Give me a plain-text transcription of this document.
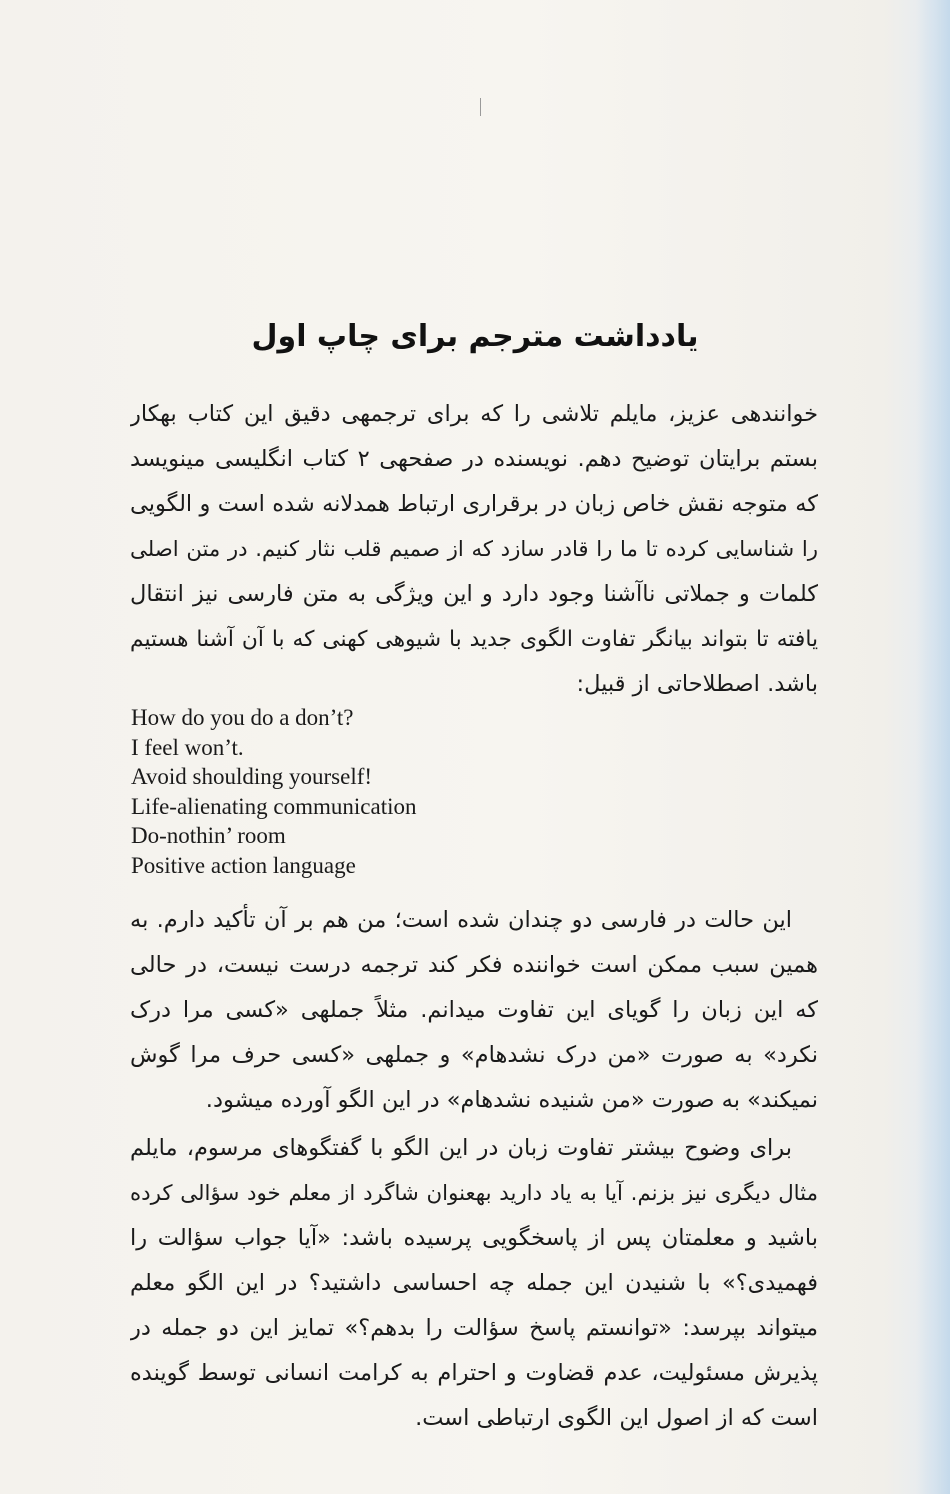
یادداشت مترجم برای چاپ اول
خوانندهی عزیز، مایلم تلاشی را که برای ترجمهی دقیق این کتاب بهکار
بستم برایتان توضیح دهم. نویسنده در صفحهی ۲ کتاب انگلیسی مینویسد
که متوجه نقش خاص زبان در برقراری ارتباط همدلانه شده است و الگویی
را شناسایی کرده تا ما را قادر سازد که از صمیم قلب نثار کنیم. در متن اصلی
کلمات و جملاتی ناآشنا وجود دارد و این ویژگی به متن فارسی نیز انتقال
یافته تا بتواند بیانگر تفاوت الگوی جدید با شیوهی کهنی که با آن آشنا هستیم
باشد. اصطلاحاتی از قبیل:
How do you do a don’t?
I feel won’t.
Avoid shoulding yourself!
Life-alienating communication
Do-nothin’ room
Positive action language
این حالت در فارسی دو چندان شده است؛ من هم بر آن تأکید دارم. به
همین سبب ممکن است خواننده فکر کند ترجمه درست نیست، در حالی
که این زبان را گویای این تفاوت میدانم. مثلاً جملهی «کسی مرا درک
نکرد» به صورت «من درک نشدهام» و جملهی «کسی حرف مرا گوش
نمیکند» به صورت «من شنیده نشدهام» در این الگو آورده میشود.
برای وضوح بیشتر تفاوت زبان در این الگو با گفتگوهای مرسوم، مایلم
مثال دیگری نیز بزنم. آیا به یاد دارید بهعنوان شاگرد از معلم خود سؤالی کرده
باشید و معلمتان پس از پاسخگویی پرسیده باشد: «آیا جواب سؤالت را
فهمیدی؟» با شنیدن این جمله چه احساسی داشتید؟ در این الگو معلم
میتواند بپرسد: «توانستم پاسخ سؤالت را بدهم؟» تمایز این دو جمله در
پذیرش مسئولیت، عدم قضاوت و احترام به کرامت انسانی توسط گوینده
است که از اصول این الگوی ارتباطی است.
